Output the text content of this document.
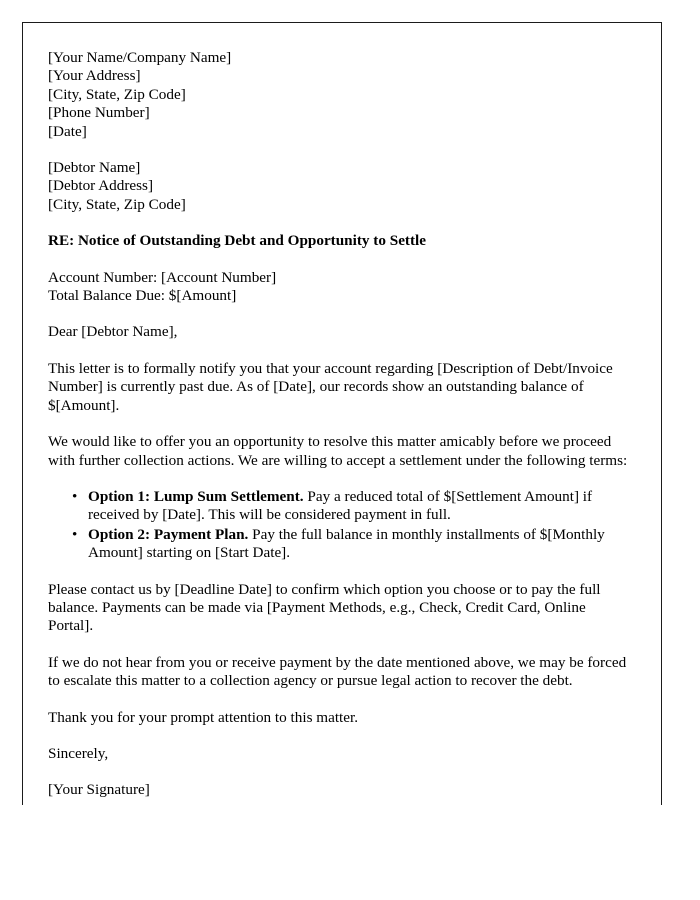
[Your Name/Company Name]
[Your Address]
[City, State, Zip Code]
[Phone Number]
[Date]
[Debtor Name]
[Debtor Address]
[City, State, Zip Code]

RE: Notice of Outstanding Debt and Opportunity to Settle

Account Number: [Account Number]
Total Balance Due: $[Amount]

Dear [Debtor Name],

This letter is to formally notify you that your account regarding [Description of Debt/Invoice Number] is currently past due. As of [Date], our records show an outstanding balance of $[Amount].

We would like to offer you an opportunity to resolve this matter amicably before we proceed with further collection actions. We are willing to accept a settlement under the following terms:

• Option 1: Lump Sum Settlement. Pay a reduced total of $[Settlement Amount] if received by [Date]. This will be considered payment in full.
• Option 2: Payment Plan. Pay the full balance in monthly installments of $[Monthly Amount] starting on [Start Date].

Please contact us by [Deadline Date] to confirm which option you choose or to pay the full balance. Payments can be made via [Payment Methods, e.g., Check, Credit Card, Online Portal].

If we do not hear from you or receive payment by the date mentioned above, we may be forced to escalate this matter to a collection agency or pursue legal action to recover the debt.

Thank you for your prompt attention to this matter.

Sincerely,

[Your Signature]
